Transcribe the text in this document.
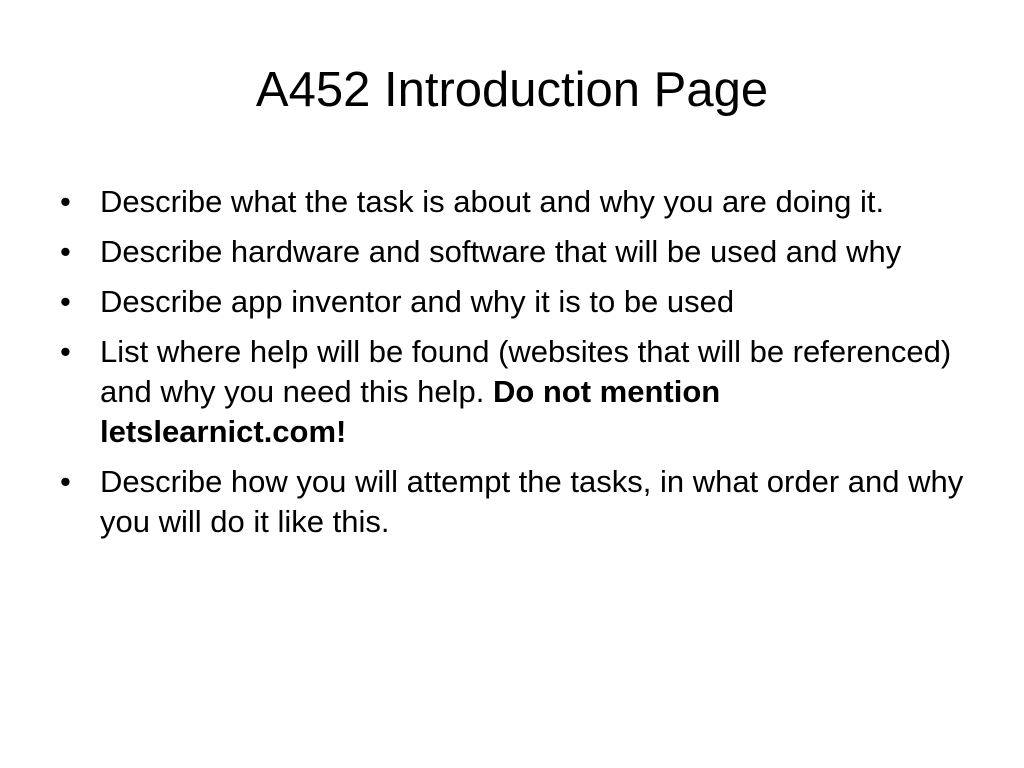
A452 Introduction Page
• Describe what the task is about and why you are doing it.
• Describe hardware and software that will be used and why
• Describe app inventor and why it is to be used
• List where help will be found (websites that will be referenced) and why you need this help. Do not mention letslearnict.com!
• Describe how you will attempt the tasks, in what order and why you will do it like this.
